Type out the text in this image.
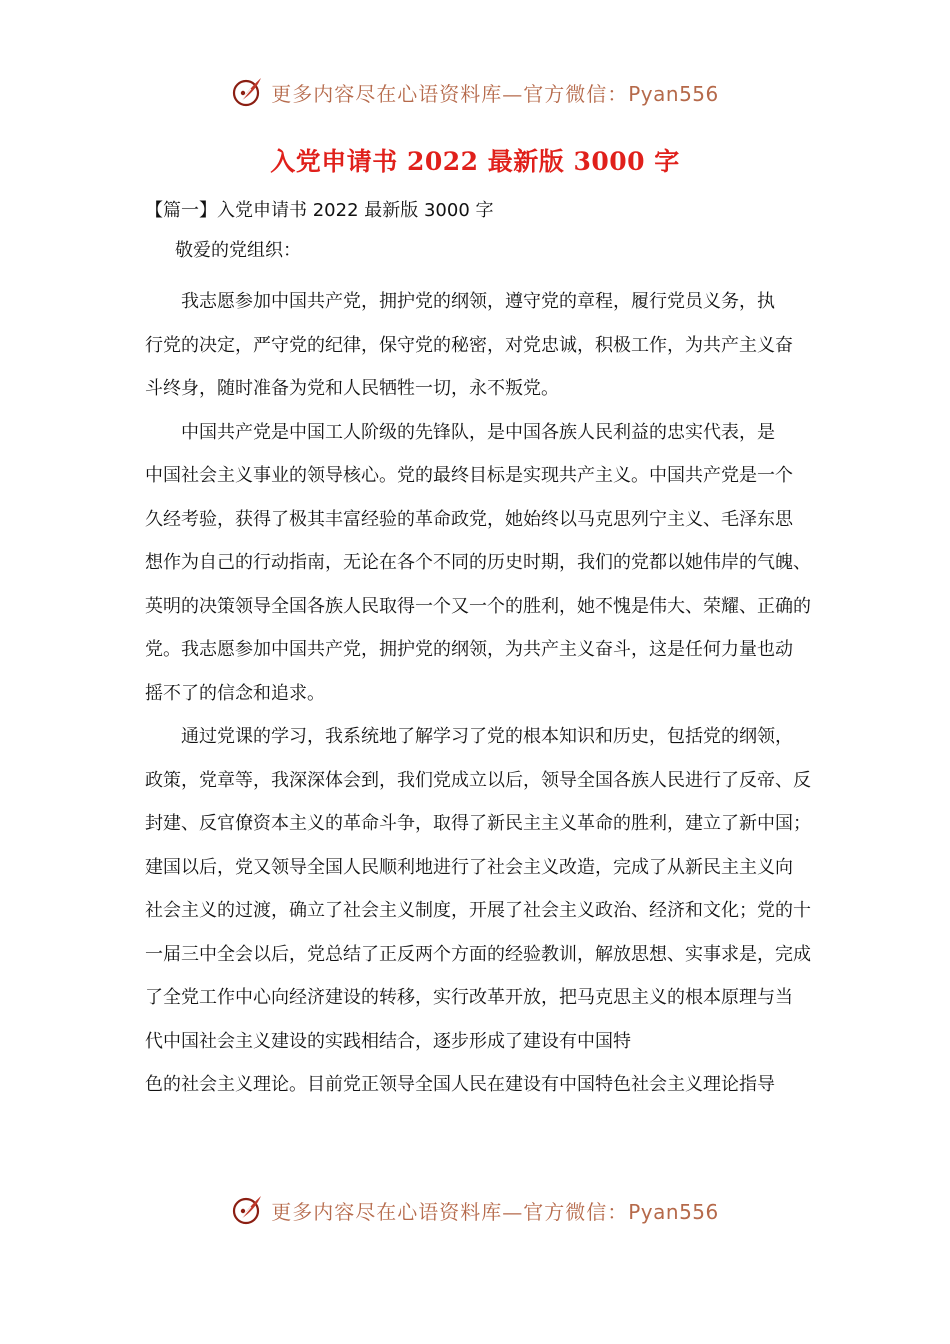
更多内容尽在心语资料库—官方微信：Pyan556
入党申请书 2022 最新版 3000 字
【篇一】入党申请书 2022 最新版 3000 字
敬爱的党组织：
我志愿参加中国共产党，拥护党的纲领，遵守党的章程，履行党员义务，执
行党的决定，严守党的纪律，保守党的秘密，对党忠诚，积极工作，为共产主义奋
斗终身，随时准备为党和人民牺牲一切，永不叛党。
中国共产党是中国工人阶级的先锋队，是中国各族人民利益的忠实代表，是
中国社会主义事业的领导核心。党的最终目标是实现共产主义。中国共产党是一个
久经考验，获得了极其丰富经验的革命政党，她始终以马克思列宁主义、毛泽东思
想作为自己的行动指南，无论在各个不同的历史时期，我们的党都以她伟岸的气魄、
英明的决策领导全国各族人民取得一个又一个的胜利，她不愧是伟大、荣耀、正确的
党。我志愿参加中国共产党，拥护党的纲领，为共产主义奋斗，这是任何力量也动
摇不了的信念和追求。
通过党课的学习，我系统地了解学习了党的根本知识和历史，包括党的纲领，
政策，党章等，我深深体会到，我们党成立以后，领导全国各族人民进行了反帝、反
封建、反官僚资本主义的革命斗争，取得了新民主主义革命的胜利，建立了新中国；
建国以后，党又领导全国人民顺利地进行了社会主义改造，完成了从新民主主义向
社会主义的过渡，确立了社会主义制度，开展了社会主义政治、经济和文化；党的十
一届三中全会以后，党总结了正反两个方面的经验教训，解放思想、实事求是，完成
了全党工作中心向经济建设的转移，实行改革开放，把马克思主义的根本原理与当
代中国社会主义建设的实践相结合，逐步形成了建设有中国特
色的社会主义理论。目前党正领导全国人民在建设有中国特色社会主义理论指导
更多内容尽在心语资料库—官方微信：Pyan556
